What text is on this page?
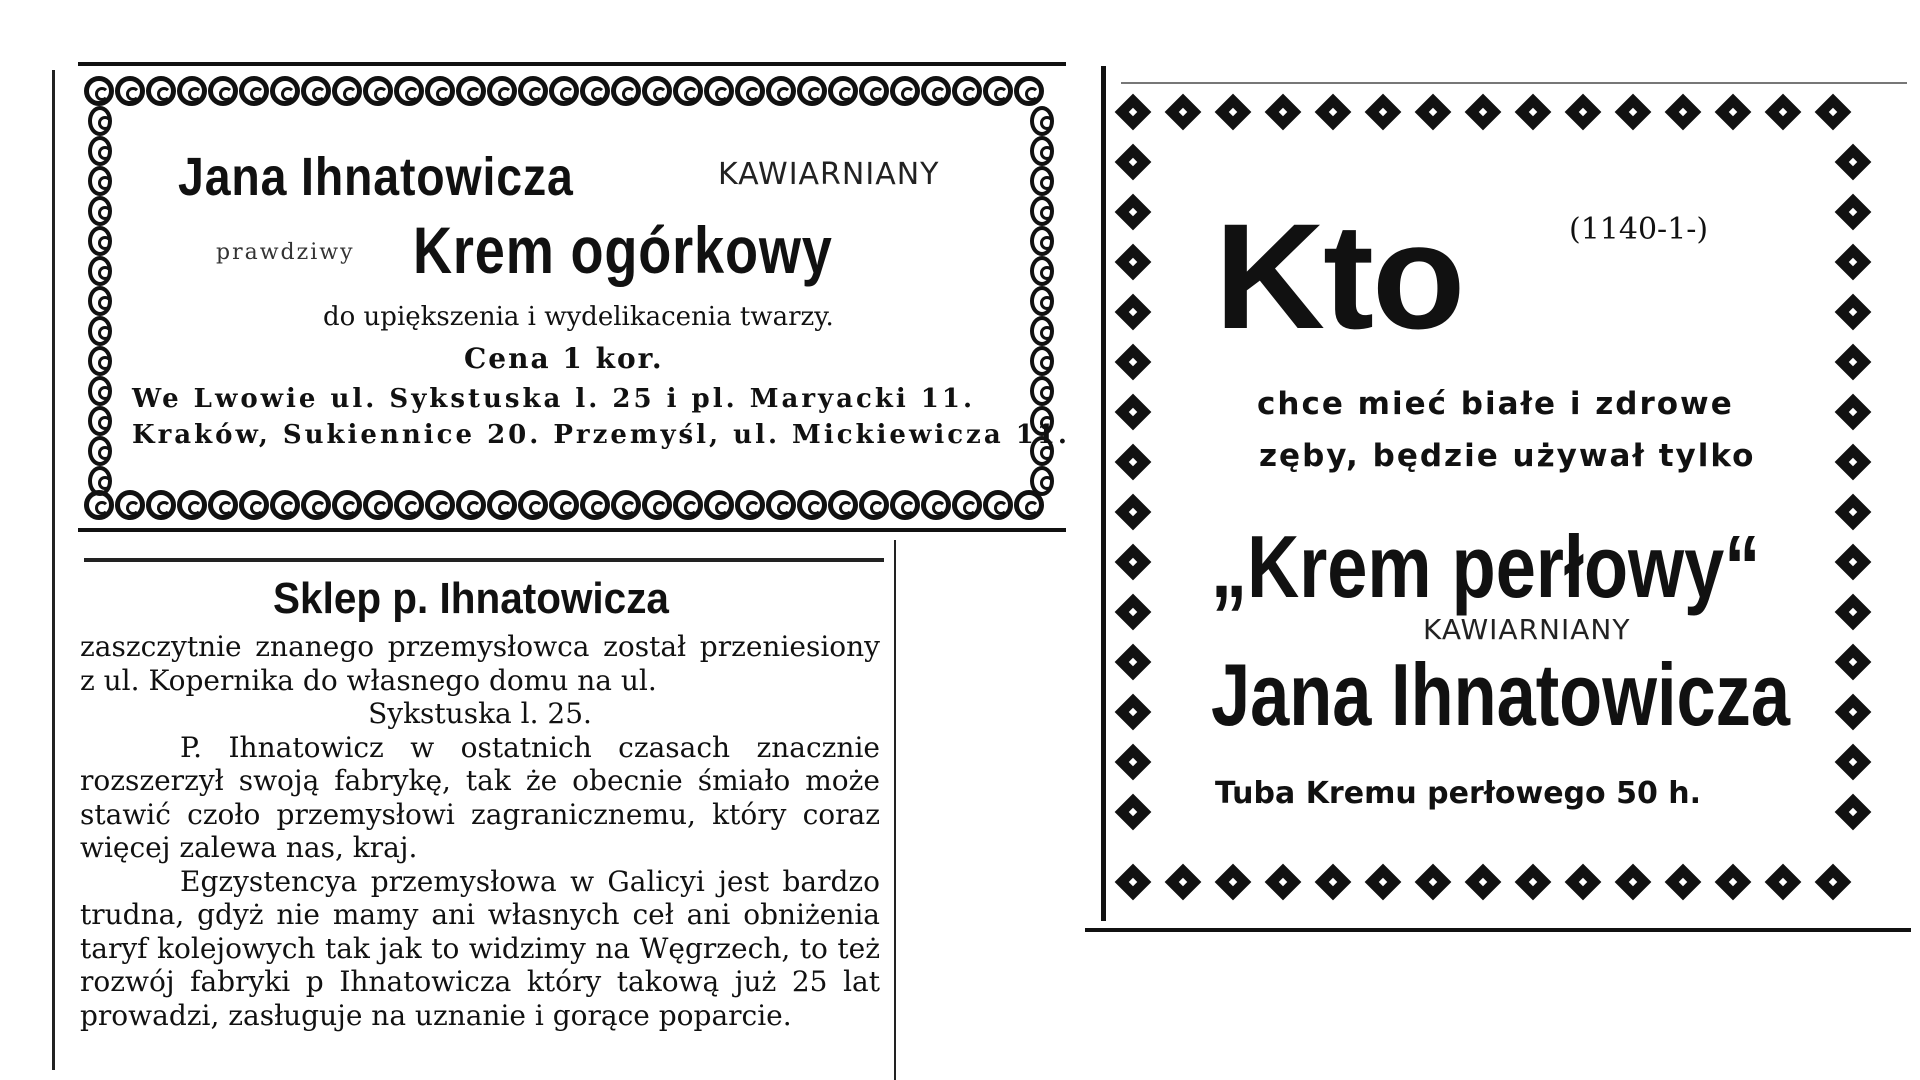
Jana Ihnatowicza	KAWIARNIANY
prawdziwy Krem ogórkowy
do upiększenia i wydelikacenia twarzy.
Cena 1 kor.
We Lwowie ul. Sykstuska l. 25 i pl. Maryacki 11.
Kraków, Sukiennice 20. Przemyśl, ul. Mickiewicza 11.
Sklep p. Ihnatowicza

zaszczytnie znanego przemysłowca został przeniesiony z ul. Kopernika do własnego domu na ul.

Sykstuska l. 25.

P. Ihnatowicz w ostatnich czasach znacznie rozszerzył swoją fabrykę, tak że obecnie śmiało może stawić czoło przemysłowi zagranicznemu, który coraz więcej zalewa nas, kraj.

Egzystencya przemysłowa w Galicyi jest bardzo trudna, gdyż nie mamy ani własnych ceł ani obniżenia taryf kolejowych tak jak to widzimy na Węgrzech, to też rozwój fabryki p Ihnatowicza który takową już 25 lat prowadzi, zasługuje na uznanie i gorące poparcie.

Kto	(1140-1-)
chce mieć białe i zdrowe
zęby, będzie używał tylko
„Krem perłowy“
KAWIARNIANY
Jana Ihnatowicza
Tuba Kremu perłowego 50 h.
